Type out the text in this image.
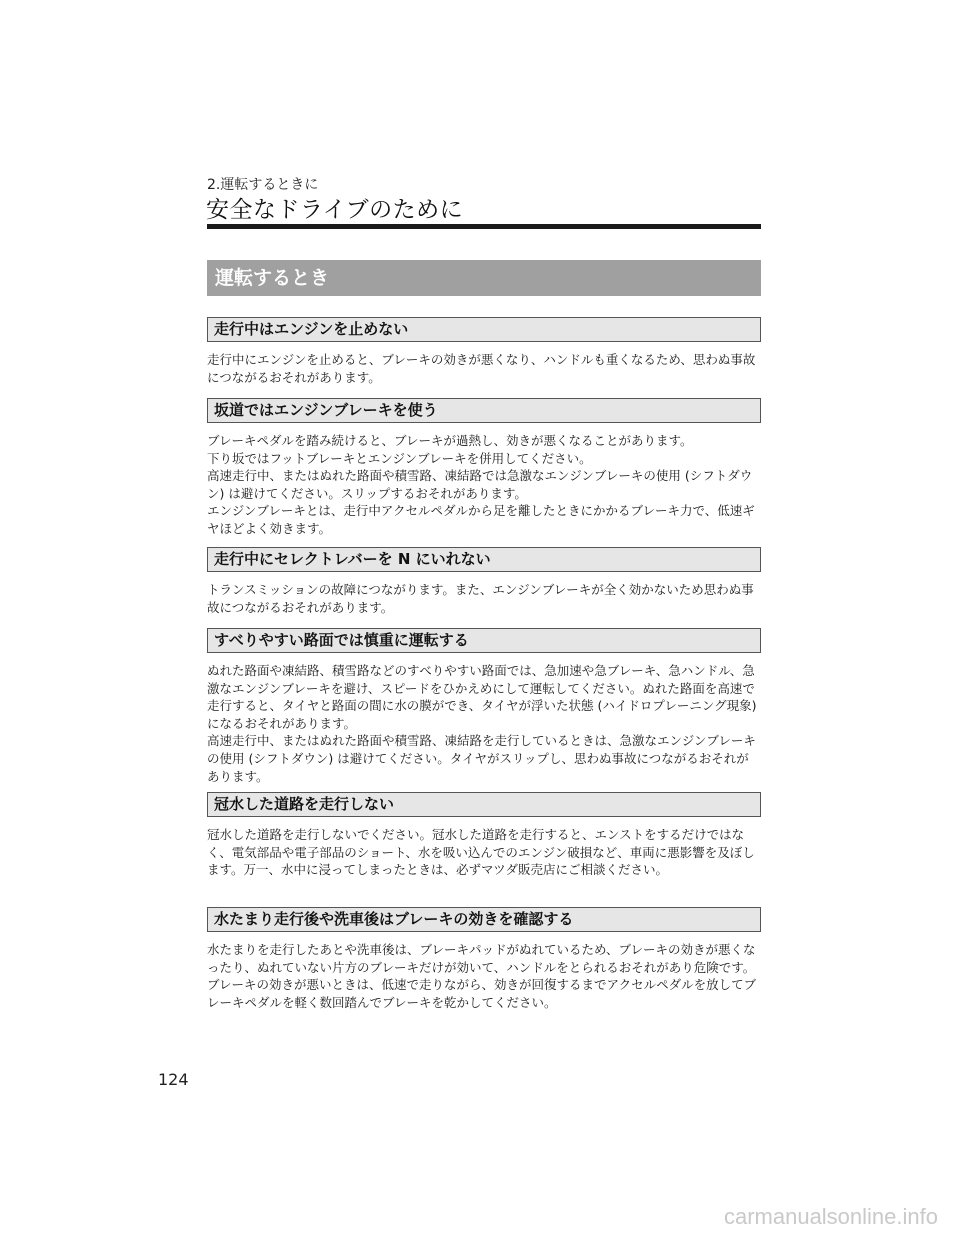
2.運転するときに
安全なドライブのために
運転するとき
走行中はエンジンを止めない

走行中にエンジンを止めると、ブレーキの効きが悪くなり、ハンドルも重くなるため、思わぬ事故につながるおそれがあります。

坂道ではエンジンブレーキを使う

ブレーキペダルを踏み続けると、ブレーキが過熱し、効きが悪くなることがあります。

下り坂ではフットブレーキとエンジンブレーキを併用してください。

高速走行中、またはぬれた路面や積雪路、凍結路では急激なエンジンブレーキの使用 (シフトダウン) は避けてください。スリップするおそれがあります。

エンジンブレーキとは、走行中アクセルペダルから足を離したときにかかるブレーキ力で、低速ギヤほどよく効きます。

走行中にセレクトレバーを N にいれない

トランスミッションの故障につながります。また、エンジンブレーキが全く効かないため思わぬ事故につながるおそれがあります。

すべりやすい路面では慎重に運転する

ぬれた路面や凍結路、積雪路などのすべりやすい路面では、急加速や急ブレーキ、急ハンドル、急激なエンジンブレーキを避け、スピードをひかえめにして運転してください。ぬれた路面を高速で走行すると、タイヤと路面の間に水の膜ができ、タイヤが浮いた状態 (ハイドロプレーニング現象) になるおそれがあります。

高速走行中、またはぬれた路面や積雪路、凍結路を走行しているときは、急激なエンジンブレーキの使用 (シフトダウン) は避けてください。タイヤがスリップし、思わぬ事故につながるおそれがあります。

冠水した道路を走行しない

冠水した道路を走行しないでください。冠水した道路を走行すると、エンストをするだけではなく、電気部品や電子部品のショート、水を吸い込んでのエンジン破損など、車両に悪影響を及ぼします。万一、水中に浸ってしまったときは、必ずマツダ販売店にご相談ください。

水たまり走行後や洗車後はブレーキの効きを確認する

水たまりを走行したあとや洗車後は、ブレーキパッドがぬれているため、ブレーキの効きが悪くなったり、ぬれていない片方のブレーキだけが効いて、ハンドルをとられるおそれがあり危険です。ブレーキの効きが悪いときは、低速で走りながら、効きが回復するまでアクセルペダルを放してブレーキペダルを軽く数回踏んでブレーキを乾かしてください。

124
carmanualsonline.info
